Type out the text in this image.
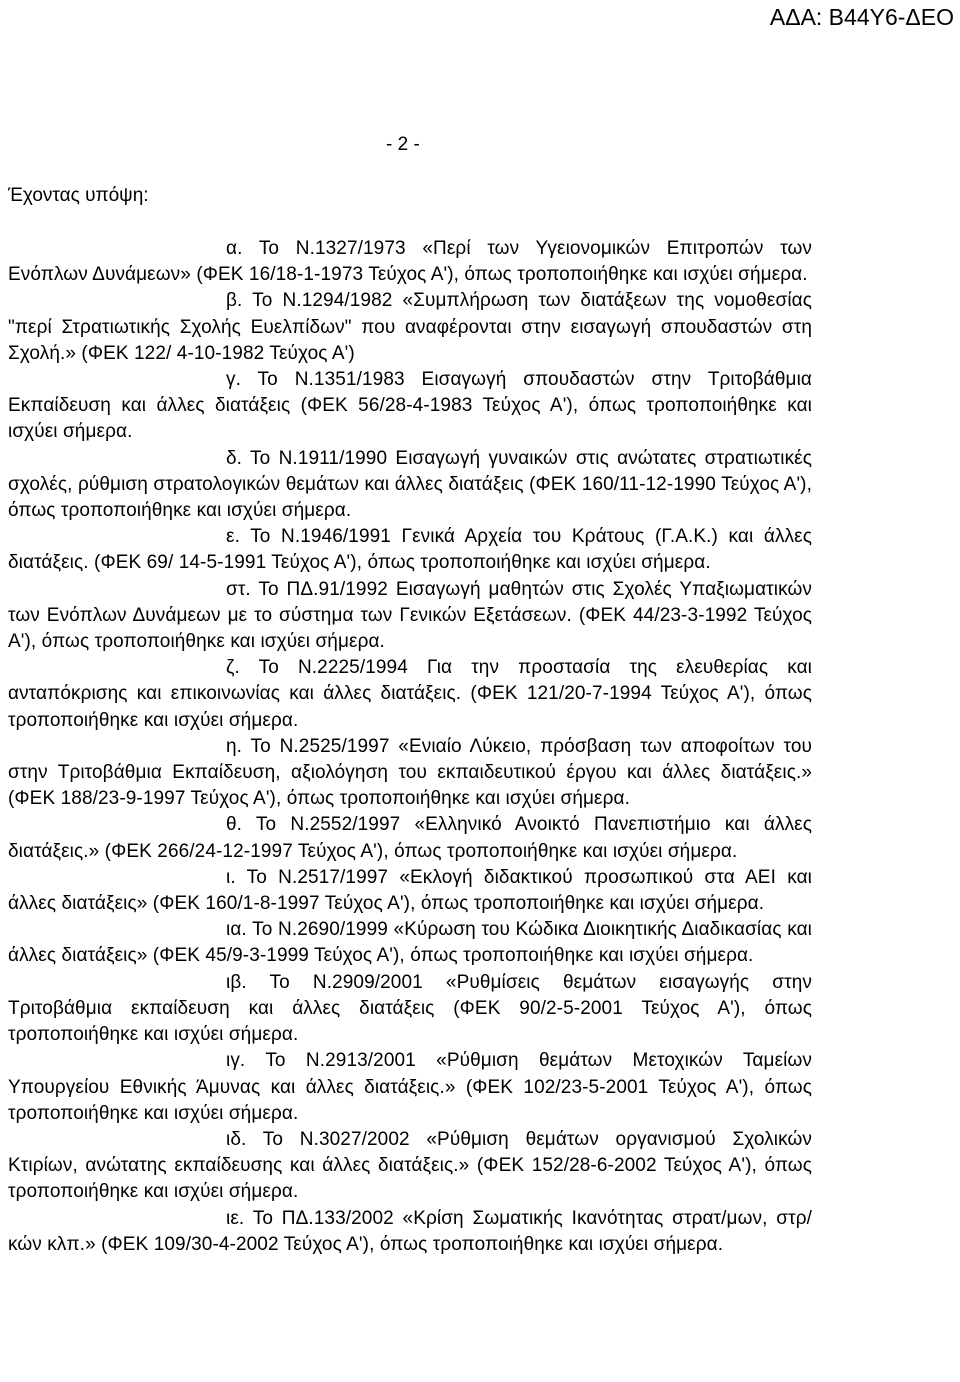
ΑΔΑ: Β44Υ6-ΔΕΟ
- 2 -
Έχοντας υπόψη:

α. Το Ν.1327/1973 «Περί των Υγειονομικών Επιτροπών των Ενόπλων Δυνάμεων» (ΦΕΚ 16/18-1-1973 Τεύχος Α'), όπως τροποποιήθηκε και ισχύει σήμερα.

β. Το Ν.1294/1982 «Συμπλήρωση των διατάξεων της νομοθεσίας "περί Στρατιωτικής Σχολής Ευελπίδων" που αναφέρονται στην εισαγωγή σπουδαστών στη Σχολή.» (ΦΕΚ 122/ 4-10-1982 Τεύχος Α')

γ. Το Ν.1351/1983 Εισαγωγή σπουδαστών στην Τριτοβάθμια Εκπαίδευση και άλλες διατάξεις (ΦΕΚ 56/28-4-1983 Τεύχος Α'), όπως τροποποιήθηκε και ισχύει σήμερα.

δ. Το Ν.1911/1990 Εισαγωγή γυναικών στις ανώτατες στρατιωτικές σχολές, ρύθμιση στρατολογικών θεμάτων και άλλες διατάξεις (ΦΕΚ 160/11-12-1990 Τεύχος Α'), όπως τροποποιήθηκε και ισχύει σήμερα.

ε. Το Ν.1946/1991 Γενικά Αρχεία του Κράτους (Γ.Α.Κ.) και άλλες διατάξεις. (ΦΕΚ 69/ 14-5-1991 Τεύχος Α'), όπως τροποποιήθηκε και ισχύει σήμερα.

στ. Το ΠΔ.91/1992 Εισαγωγή μαθητών στις Σχολές Υπαξιωματικών των Ενόπλων Δυνάμεων με το σύστημα των Γενικών Εξετάσεων. (ΦΕΚ 44/23-3-1992 Τεύχος Α'), όπως τροποποιήθηκε και ισχύει σήμερα.

ζ. Το Ν.2225/1994 Για την προστασία της ελευθερίας και ανταπόκρισης και επικοινωνίας και άλλες διατάξεις. (ΦΕΚ 121/20-7-1994 Τεύχος Α'), όπως τροποποιήθηκε και ισχύει σήμερα.

η. Το Ν.2525/1997 «Ενιαίο Λύκειο, πρόσβαση των αποφοίτων του στην Τριτοβάθμια Εκπαίδευση, αξιολόγηση του εκπαιδευτικού έργου και άλλες διατάξεις.» (ΦΕΚ 188/23-9-1997 Τεύχος Α'), όπως τροποποιήθηκε και ισχύει σήμερα.

θ. Το Ν.2552/1997 «Ελληνικό Ανοικτό Πανεπιστήμιο και άλλες διατάξεις.» (ΦΕΚ 266/24-12-1997 Τεύχος Α'), όπως τροποποιήθηκε και ισχύει σήμερα.

ι. Το Ν.2517/1997 «Εκλογή διδακτικού προσωπικού στα ΑΕΙ και άλλες διατάξεις» (ΦΕΚ 160/1-8-1997 Τεύχος Α'), όπως τροποποιήθηκε και ισχύει σήμερα.

ια. Το Ν.2690/1999 «Κύρωση του Κώδικα Διοικητικής Διαδικασίας και άλλες διατάξεις» (ΦΕΚ 45/9-3-1999 Τεύχος Α'), όπως τροποποιήθηκε και ισχύει σήμερα.

ιβ. Το Ν.2909/2001 «Ρυθμίσεις θεμάτων εισαγωγής στην Τριτοβάθμια εκπαίδευση και άλλες διατάξεις (ΦΕΚ 90/2-5-2001 Τεύχος Α'), όπως τροποποιήθηκε και ισχύει σήμερα.

ιγ. Το Ν.2913/2001 «Ρύθμιση θεμάτων Μετοχικών Ταμείων Υπουργείου Εθνικής Άμυνας και άλλες διατάξεις.» (ΦΕΚ 102/23-5-2001 Τεύχος Α'), όπως τροποποιήθηκε και ισχύει σήμερα.

ιδ. Το Ν.3027/2002 «Ρύθμιση θεμάτων οργανισμού Σχολικών Κτιρίων, ανώτατης εκπαίδευσης και άλλες διατάξεις.» (ΦΕΚ 152/28-6-2002 Τεύχος Α'), όπως τροποποιήθηκε και ισχύει σήμερα.

ιε. Το ΠΔ.133/2002 «Κρίση Σωματικής Ικανότητας στρατ/μων, στρ/κών κλπ.» (ΦΕΚ 109/30-4-2002 Τεύχος Α'), όπως τροποποιήθηκε και ισχύει σήμερα.
